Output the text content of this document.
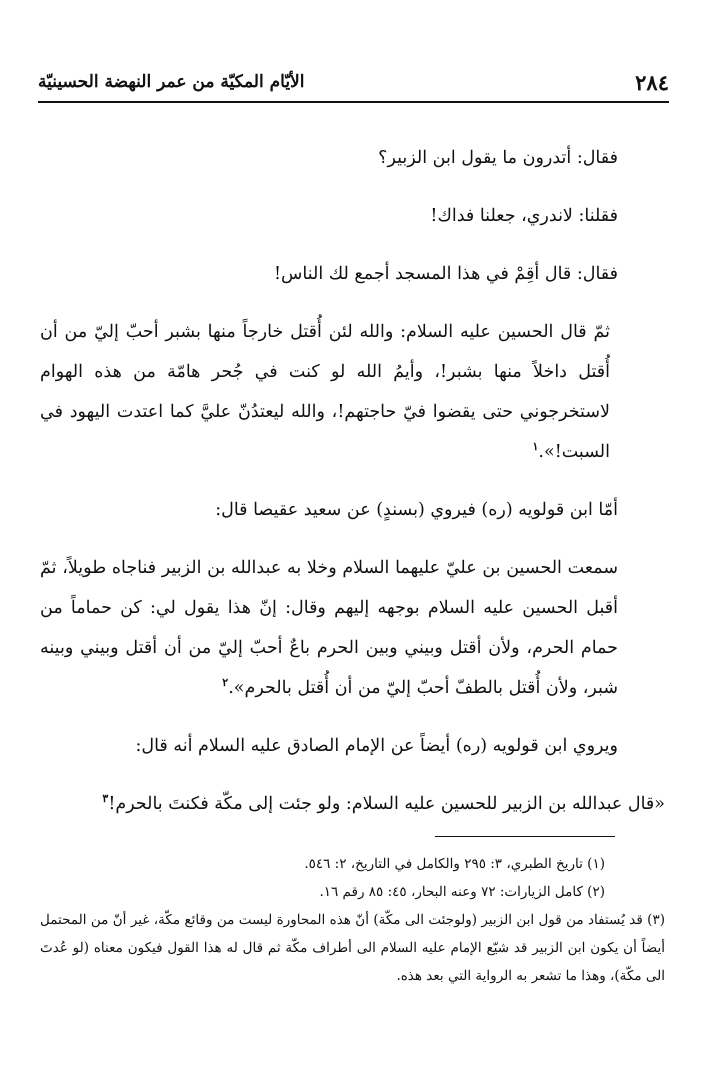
٢٨٤
الأيّام المكيّة من عمر النهضة الحسينيّة

فقال: أتدرون ما يقول ابن الزبير؟

فقلنا: لاندري، جعلنا فداك!

فقال: قال أقِمْ في هذا المسجد أجمع لك الناس!

ثمّ قال الحسين عليه السلام: والله لئن أُقتل خارجاً منها بشبر أحبّ إليّ من أن أُقتل داخلاً منها بشبر!، وأيمُ الله لو كنت في جُحر هامّة من هذه الهوام لاستخرجوني حتى يقضوا فيّ حاجتهم!، والله ليعتدُنّ عليَّ كما اعتدت اليهود في السبت!».$^١$

أمّا ابن قولويه (ره) فيروي (بسندٍ) عن سعيد عقيصا قال:

سمعت الحسين بن عليّ عليهما السلام وخلا به عبدالله بن الزبير فناجاه طويلاً، ثمّ أقبل الحسين عليه السلام بوجهه إليهم وقال: إنّ هذا يقول لي: كن حماماً من حمام الحرم، ولأن أقتل وبيني وبين الحرم باعٌ أحبّ إليّ من أن أقتل وبيني وبينه شبر، ولأن أُقتل بالطفّ أحبّ إليّ من أن أُقتل بالحرم».$^٢$

ويروي ابن قولويه (ره) أيضاً عن الإمام الصادق عليه السلام أنه قال:

«قال عبدالله بن الزبير للحسين عليه السلام: ولو جئت إلى مكّة فكنتَ بالحرم!$^٣$

(١) تاريخ الطبري، ٣: ٢٩٥ والكامل في التاريخ، ٢: ٥٤٦.

(٢) كامل الزيارات: ٧٢ وعنه البحار، ٤٥: ٨٥ رقم ١٦.

(٣) قد يُستفاد من قول ابن الزبير (ولوجئت الى مكّة) أنّ هذه المحاورة ليست من وقائع مكّة، غير أنّ من المحتمل أيضاً أن يكون ابن الزبير قد شيّع الإمام عليه السلام الى أطراف مكّة ثم قال له هذا القول فيكون معناه (لو عُدتَ الى مكّة)، وهذا ما تشعر به الرواية التي بعد هذه.
